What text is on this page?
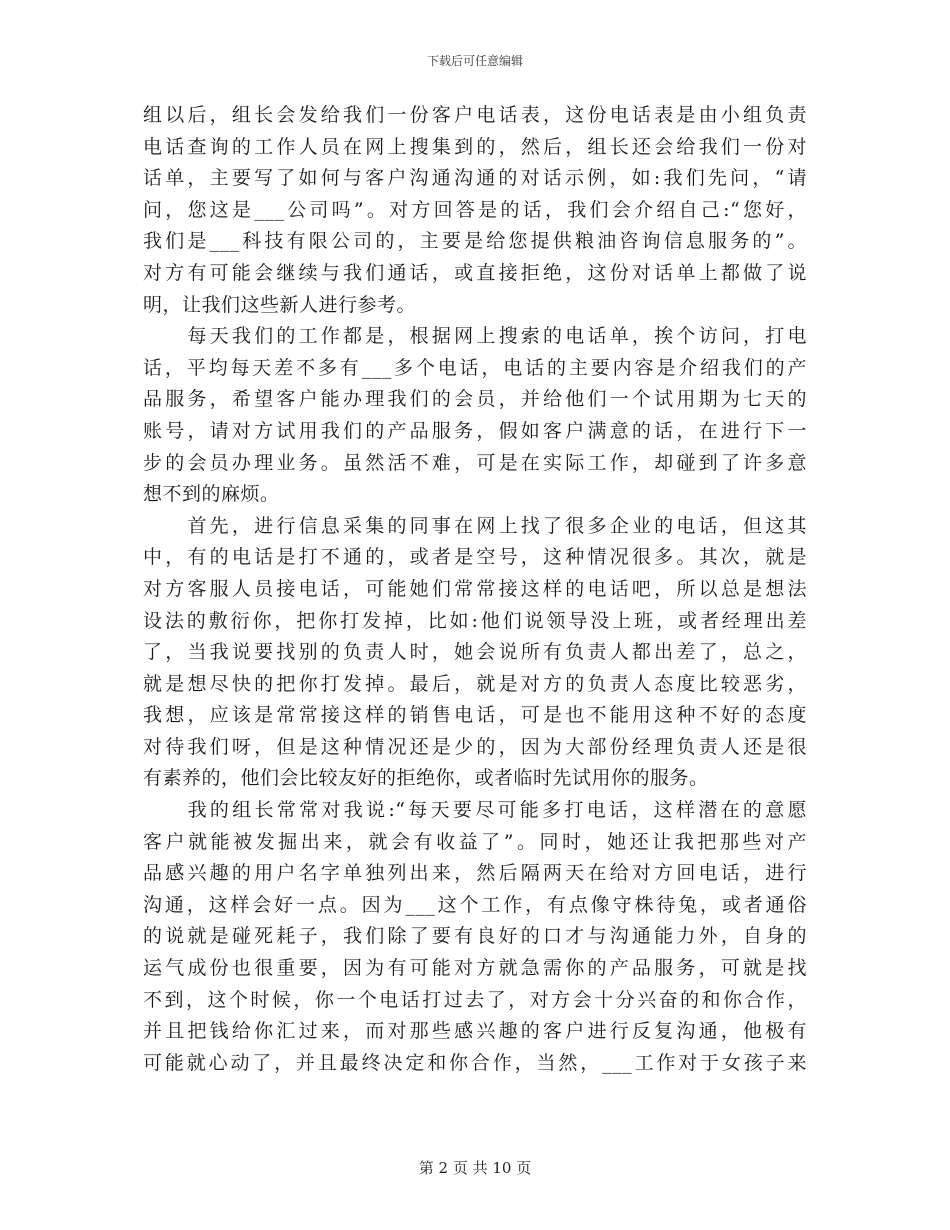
下载后可任意编辑
组以后，组长会发给我们一份客户电话表，这份电话表是由小组负责
电话查询的工作人员在网上搜集到的，然后，组长还会给我们一份对
话单，主要写了如何与客户沟通沟通的对话示例，如:我们先问，“请
问，您这是___公司吗”。对方回答是的话，我们会介绍自己:“您好，
我们是___科技有限公司的，主要是给您提供粮油咨询信息服务的”。
对方有可能会继续与我们通话，或直接拒绝，这份对话单上都做了说
明，让我们这些新人进行参考。
　　每天我们的工作都是，根据网上搜索的电话单，挨个访问，打电
话，平均每天差不多有___多个电话，电话的主要内容是介绍我们的产
品服务，希望客户能办理我们的会员，并给他们一个试用期为七天的
账号，请对方试用我们的产品服务，假如客户满意的话，在进行下一
步的会员办理业务。虽然活不难，可是在实际工作，却碰到了许多意
想不到的麻烦。
　　首先，进行信息采集的同事在网上找了很多企业的电话，但这其
中，有的电话是打不通的，或者是空号，这种情况很多。其次，就是
对方客服人员接电话，可能她们常常接这样的电话吧，所以总是想法
设法的敷衍你，把你打发掉，比如:他们说领导没上班，或者经理出差
了，当我说要找别的负责人时，她会说所有负责人都出差了，总之，
就是想尽快的把你打发掉。最后，就是对方的负责人态度比较恶劣，
我想，应该是常常接这样的销售电话，可是也不能用这种不好的态度
对待我们呀，但是这种情况还是少的，因为大部份经理负责人还是很
有素养的，他们会比较友好的拒绝你，或者临时先试用你的服务。
　　我的组长常常对我说:“每天要尽可能多打电话，这样潜在的意愿
客户就能被发掘出来，就会有收益了”。同时，她还让我把那些对产
品感兴趣的用户名字单独列出来，然后隔两天在给对方回电话，进行
沟通，这样会好一点。因为___这个工作，有点像守株待兔，或者通俗
的说就是碰死耗子，我们除了要有良好的口才与沟通能力外，自身的
运气成份也很重要，因为有可能对方就急需你的产品服务，可就是找
不到，这个时候，你一个电话打过去了，对方会十分兴奋的和你合作，
并且把钱给你汇过来，而对那些感兴趣的客户进行反复沟通，他极有
可能就心动了，并且最终决定和你合作，当然，___工作对于女孩子来
第 2 页 共 10 页
